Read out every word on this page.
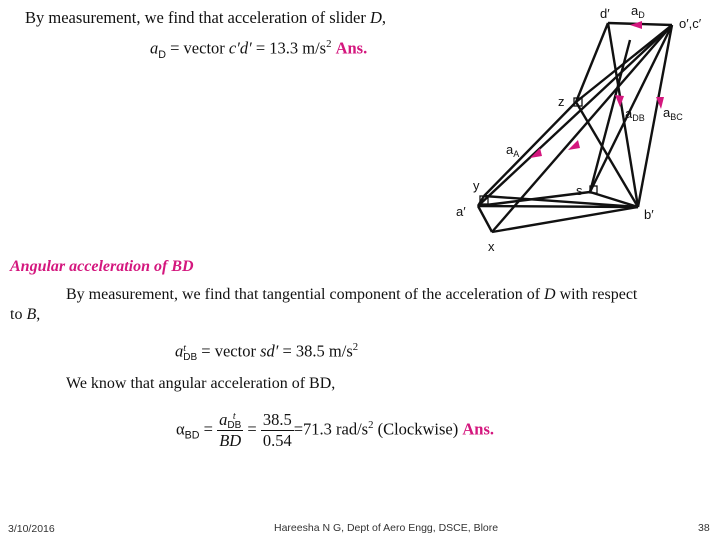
By measurement, we find that acceleration of slider D,
$a_D$ = vector c′d′ = 13.3 $m/s^2$ Ans.
d′ $a_D$
o′,c′
z
$a_{DB}$ $a_{BC}$
$a_A$
y	s
a′	b′
x
Angular acceleration of BD
By measurement, we find that tangential component of the acceleration of D with respect
to B,
a t
DB = vector sd′ = 38.5 $m/s^2$
We know that angular acceleration of BD,
$\alpha_{BD} = a$ t
DB
BD = $\frac{38.5}{0.54} =71.3$ rad/$s^2$ (Clockwise) Ans.
3/10/2016	Hareesha N G, Dept of Aero Engg, DSCE, Blore	38
